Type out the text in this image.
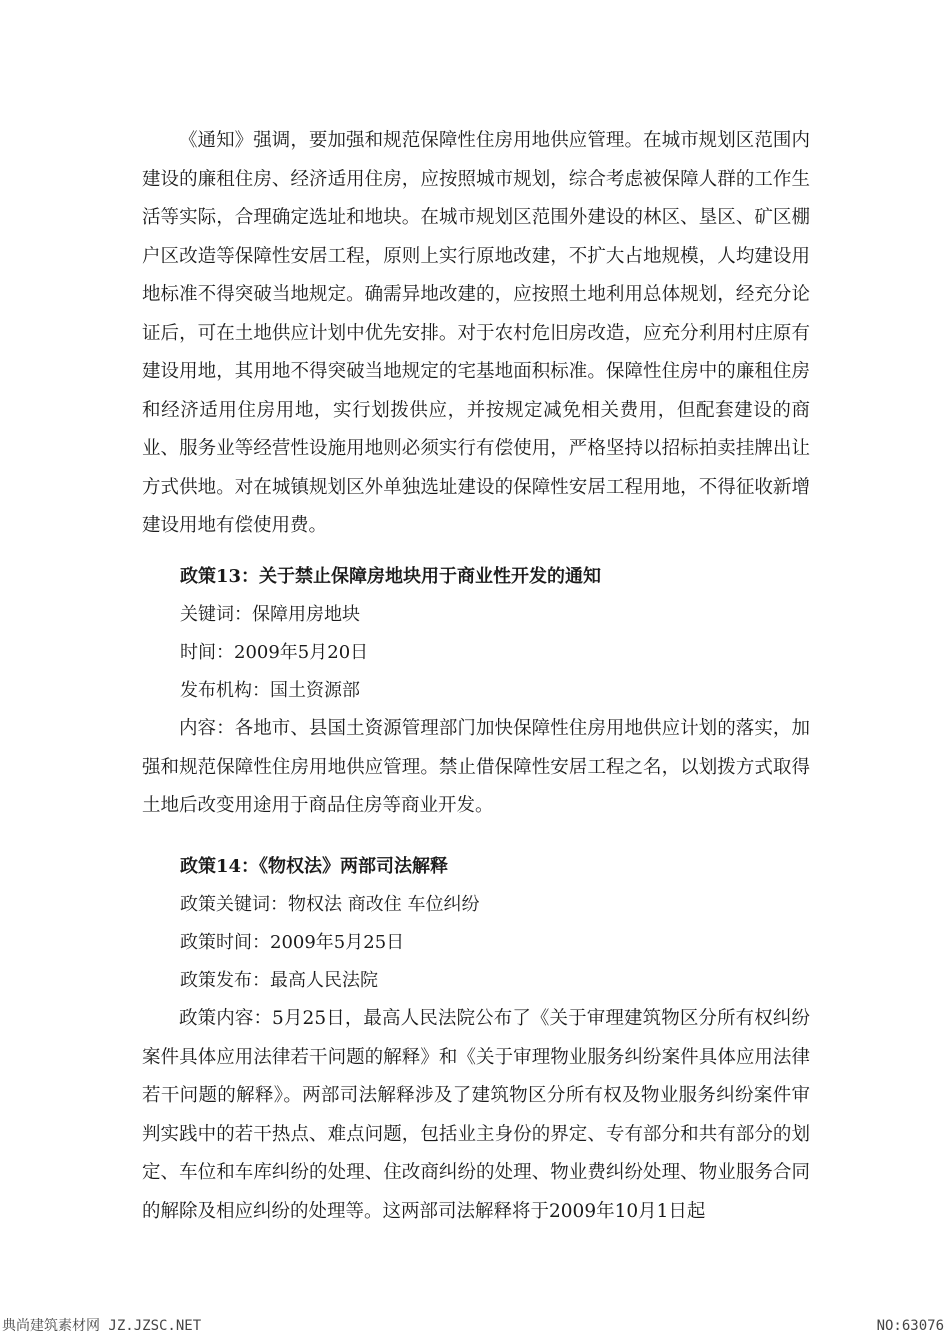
《通知》强调，要加强和规范保障性住房用地供应管理。在城市规划区范围内建设的廉租住房、经济适用住房，应按照城市规划，综合考虑被保障人群的工作生活等实际，合理确定选址和地块。在城市规划区范围外建设的林区、垦区、矿区棚户区改造等保障性安居工程，原则上实行原地改建，不扩大占地规模，人均建设用地标准不得突破当地规定。确需异地改建的，应按照土地利用总体规划，经充分论证后，可在土地供应计划中优先安排。对于农村危旧房改造，应充分利用村庄原有建设用地，其用地不得突破当地规定的宅基地面积标准。保障性住房中的廉租住房和经济适用住房用地，实行划拨供应，并按规定减免相关费用，但配套建设的商业、服务业等经营性设施用地则必须实行有偿使用，严格坚持以招标拍卖挂牌出让方式供地。对在城镇规划区外单独选址建设的保障性安居工程用地，不得征收新增建设用地有偿使用费。

政策13：关于禁止保障房地块用于商业性开发的通知
关键词：保障用房地块
时间：2009年5月20日
发布机构：国土资源部

内容：各地市、县国土资源管理部门加快保障性住房用地供应计划的落实，加强和规范保障性住房用地供应管理。禁止借保障性安居工程之名，以划拨方式取得土地后改变用途用于商品住房等商业开发。

政策14：《物权法》两部司法解释
政策关键词：物权法 商改住 车位纠纷
政策时间：2009年5月25日
政策发布：最高人民法院

政策内容：5月25日，最高人民法院公布了《关于审理建筑物区分所有权纠纷案件具体应用法律若干问题的解释》和《关于审理物业服务纠纷案件具体应用法律若干问题的解释》。两部司法解释涉及了建筑物区分所有权及物业服务纠纷案件审判实践中的若干热点、难点问题，包括业主身份的界定、专有部分和共有部分的划定、车位和车库纠纷的处理、住改商纠纷的处理、物业费纠纷处理、物业服务合同的解除及相应纠纷的处理等。这两部司法解释将于2009年10月1日起

典尚建筑素材网 JZ.JZSC.NET	NO:63076
